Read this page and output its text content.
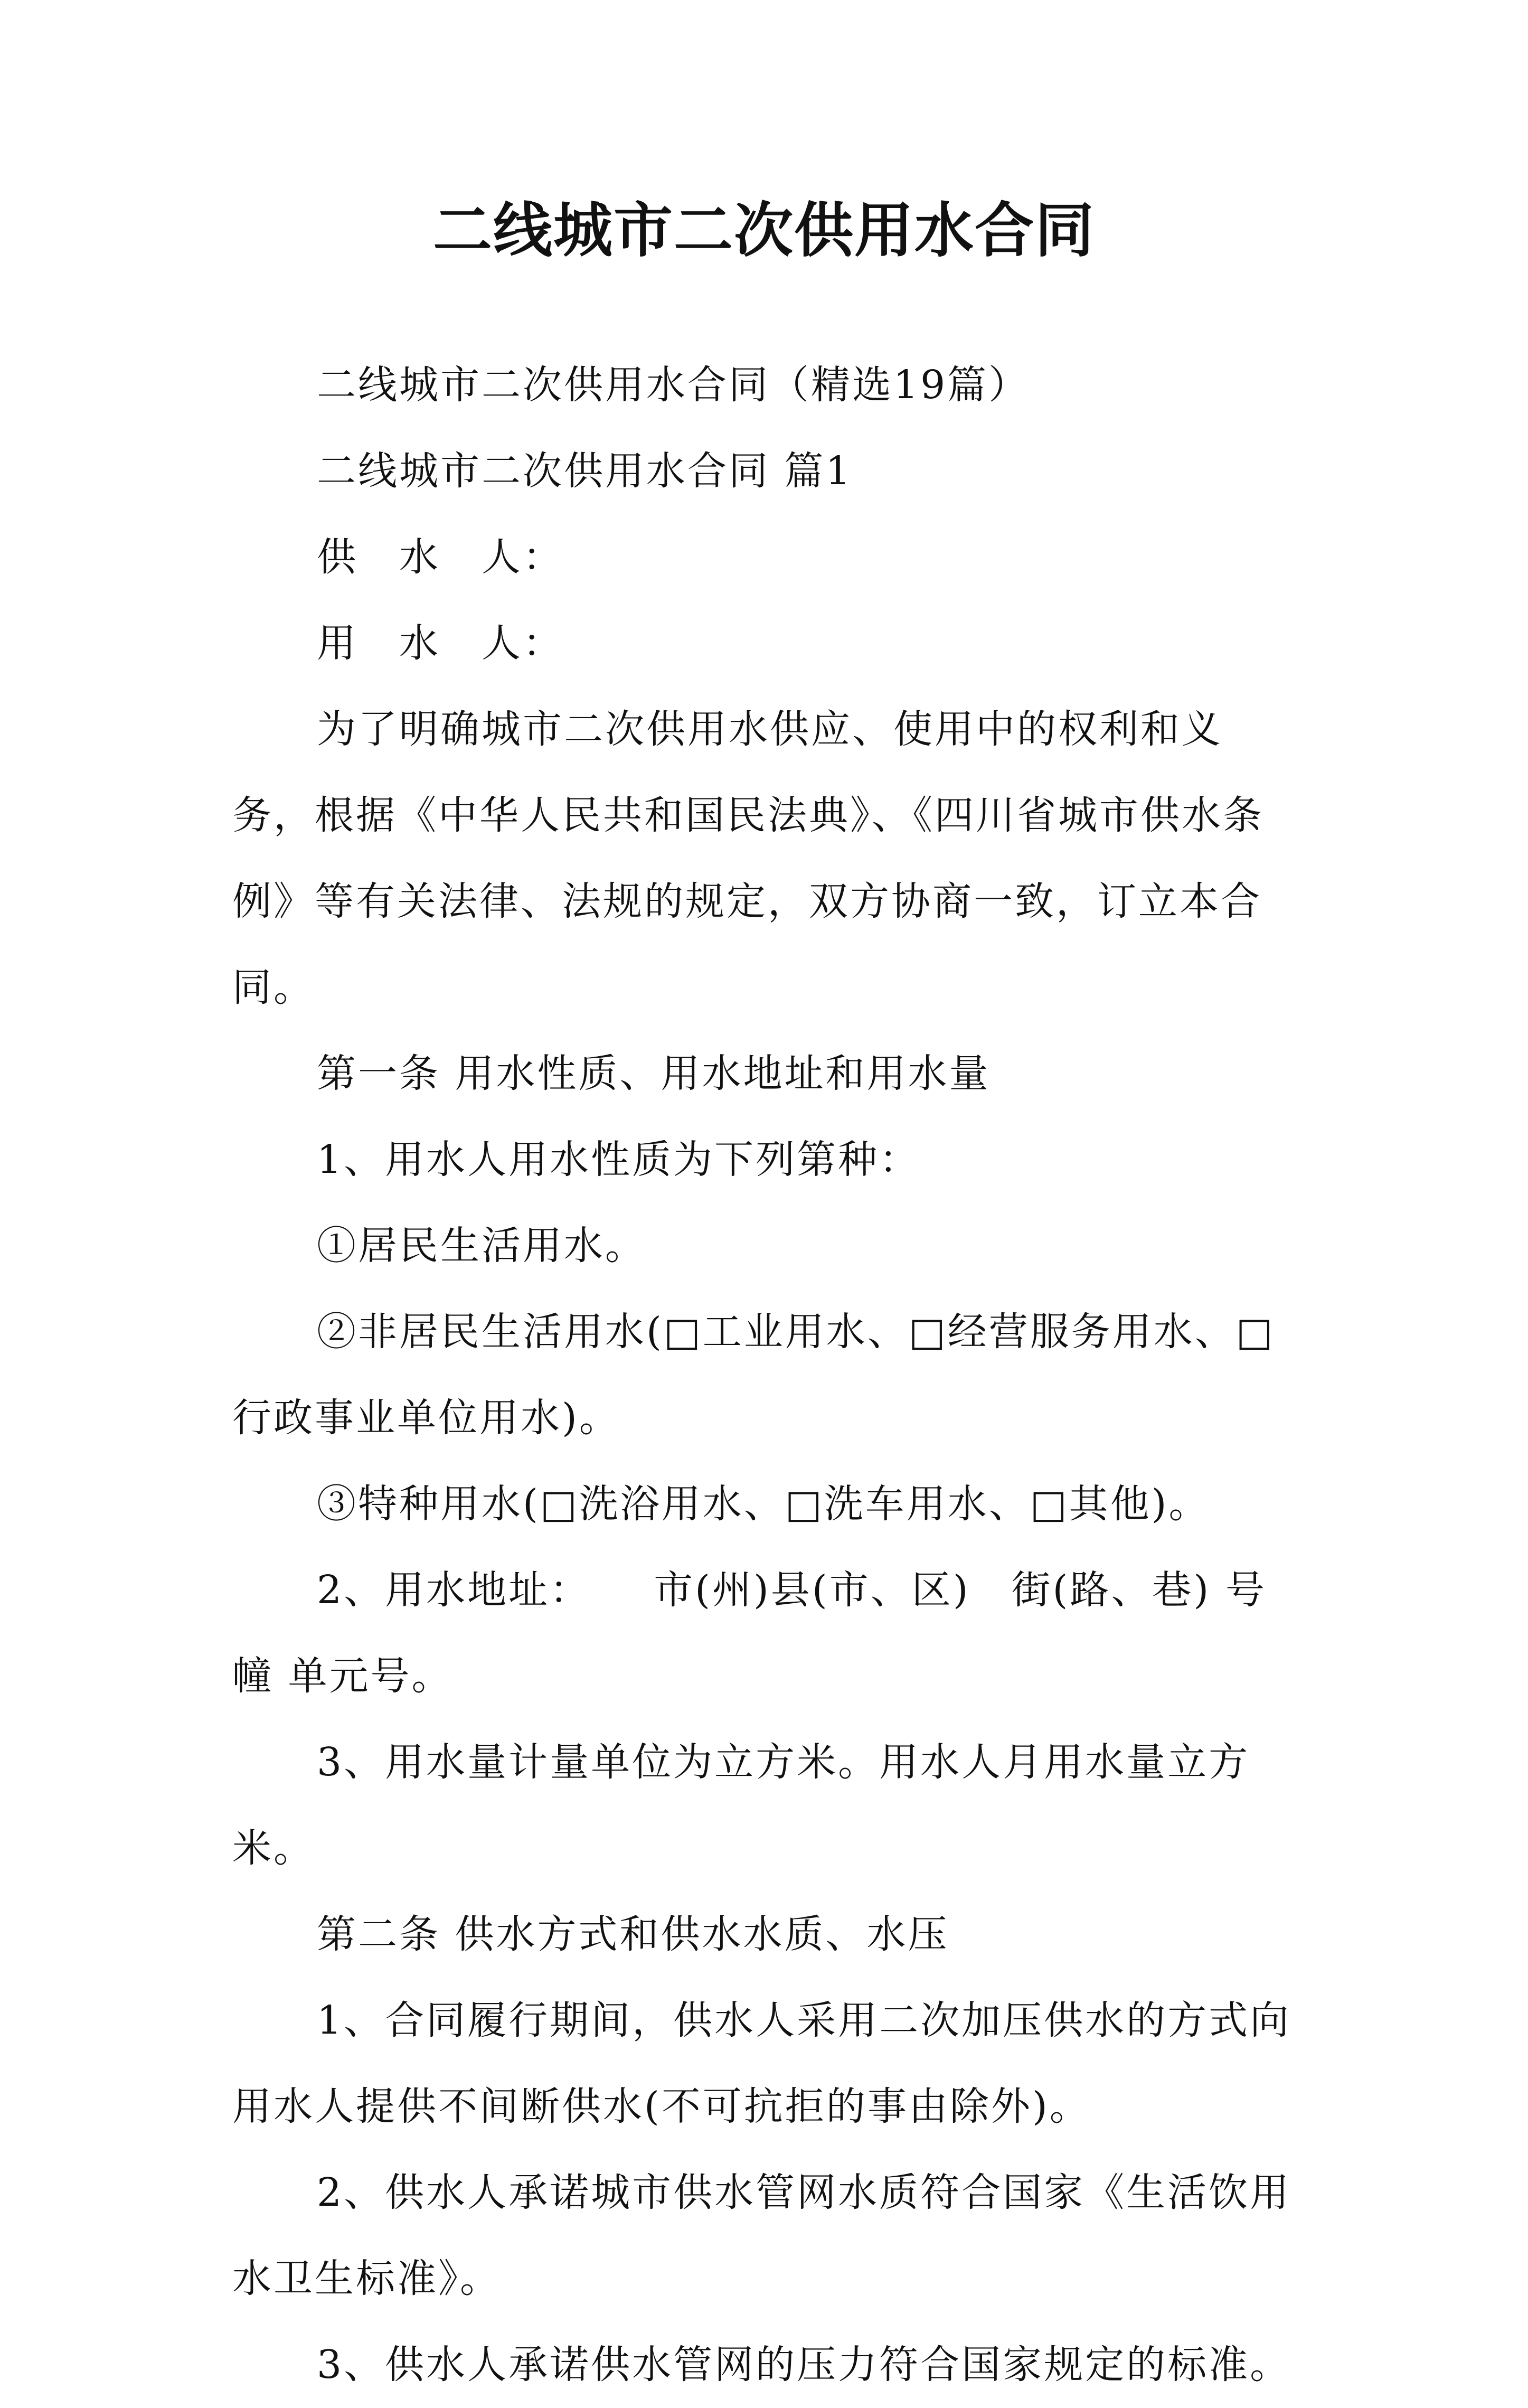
二线城市二次供用水合同

二线城市二次供用水合同（精选19篇）

二线城市二次供用水合同 篇1

供　水　人：

用　水　人：

为了明确城市二次供用水供应、使用中的权利和义务，根据《中华人民共和国民法典》、《四川省城市供水条例》等有关法律、法规的规定，双方协商一致，订立本合同。

第一条 用水性质、用水地址和用水量

1、用水人用水性质为下列第种：

①居民生活用水。

②非居民生活用水(□工业用水、□经营服务用水、□行政事业单位用水)。

③特种用水(□洗浴用水、□洗车用水、□其他)。

2、用水地址：　　市(州)县(市、区)　街(路、巷) 号幢 单元号。

3、用水量计量单位为立方米。用水人月用水量立方米。

第二条 供水方式和供水水质、水压

1、合同履行期间，供水人采用二次加压供水的方式向用水人提供不间断供水(不可抗拒的事由除外)。

2、供水人承诺城市供水管网水质符合国家《生活饮用水卫生标准》。

3、供水人承诺供水管网的压力符合国家规定的标准。
